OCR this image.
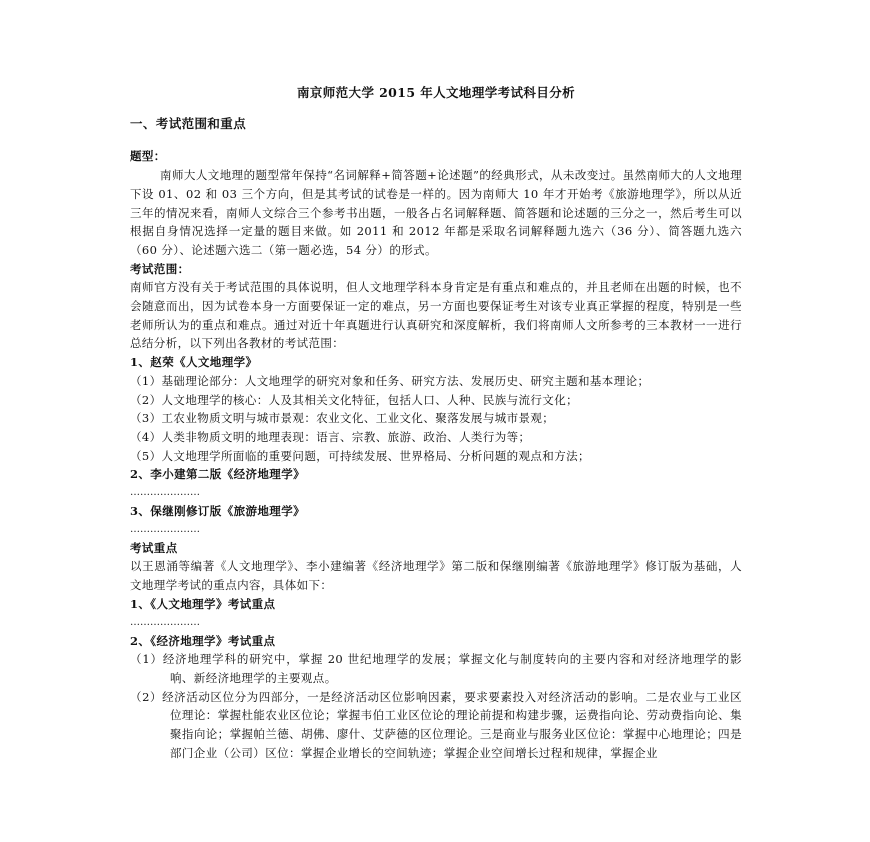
南京师范大学 2015 年人文地理学考试科目分析
一、考试范围和重点
题型：
南师大人文地理的题型常年保持“名词解释+简答题+论述题”的经典形式，从未改变过。虽然南师大的人文地理下设 01、02 和 03 三个方向，但是其考试的试卷是一样的。因为南师大 10 年才开始考《旅游地理学》，所以从近三年的情况来看，南师人文综合三个参考书出题，一般各占名词解释题、简答题和论述题的三分之一，然后考生可以根据自身情况选择一定量的题目来做。如 2011 和 2012 年都是采取名词解释题九选六（36 分）、简答题九选六（60 分）、论述题六选二（第一题必选，54 分）的形式。
考试范围：
南师官方没有关于考试范围的具体说明，但人文地理学科本身肯定是有重点和难点的，并且老师在出题的时候，也不会随意而出，因为试卷本身一方面要保证一定的难点，另一方面也要保证考生对该专业真正掌握的程度，特别是一些老师所认为的重点和难点。通过对近十年真题进行认真研究和深度解析，我们将南师人文所参考的三本教材一一进行总结分析，以下列出各教材的考试范围：
1、赵荣《人文地理学》
（1）基础理论部分：人文地理学的研究对象和任务、研究方法、发展历史、研究主题和基本理论；
（2）人文地理学的核心：人及其相关文化特征，包括人口、人种、民族与流行文化；
（3）工农业物质文明与城市景观：农业文化、工业文化、聚落发展与城市景观；
（4）人类非物质文明的地理表现：语言、宗教、旅游、政治、人类行为等；
（5）人文地理学所面临的重要问题，可持续发展、世界格局、分析问题的观点和方法；
2、李小建第二版《经济地理学》
…………………
3、保继刚修订版《旅游地理学》
…………………
考试重点
以王恩涌等编著《人文地理学》、李小建编著《经济地理学》第二版和保继刚编著《旅游地理学》修订版为基础，人文地理学考试的重点内容，具体如下：
1、《人文地理学》考试重点
…………………
2、《经济地理学》考试重点
（1）经济地理学科的研究中，掌握 20 世纪地理学的发展；掌握文化与制度转向的主要内容和对经济地理学的影响、新经济地理学的主要观点。
（2）经济活动区位分为四部分，一是经济活动区位影响因素，要求要素投入对经济活动的影响。二是农业与工业区位理论：掌握杜能农业区位论；掌握韦伯工业区位论的理论前提和构建步骤，运费指向论、劳动费指向论、集聚指向论；掌握帕兰德、胡佛、廖什、艾萨德的区位理论。三是商业与服务业区位论：掌握中心地理论；四是部门企业（公司）区位：掌握企业增长的空间轨迹；掌握企业空间增长过程和规律，掌握企业
